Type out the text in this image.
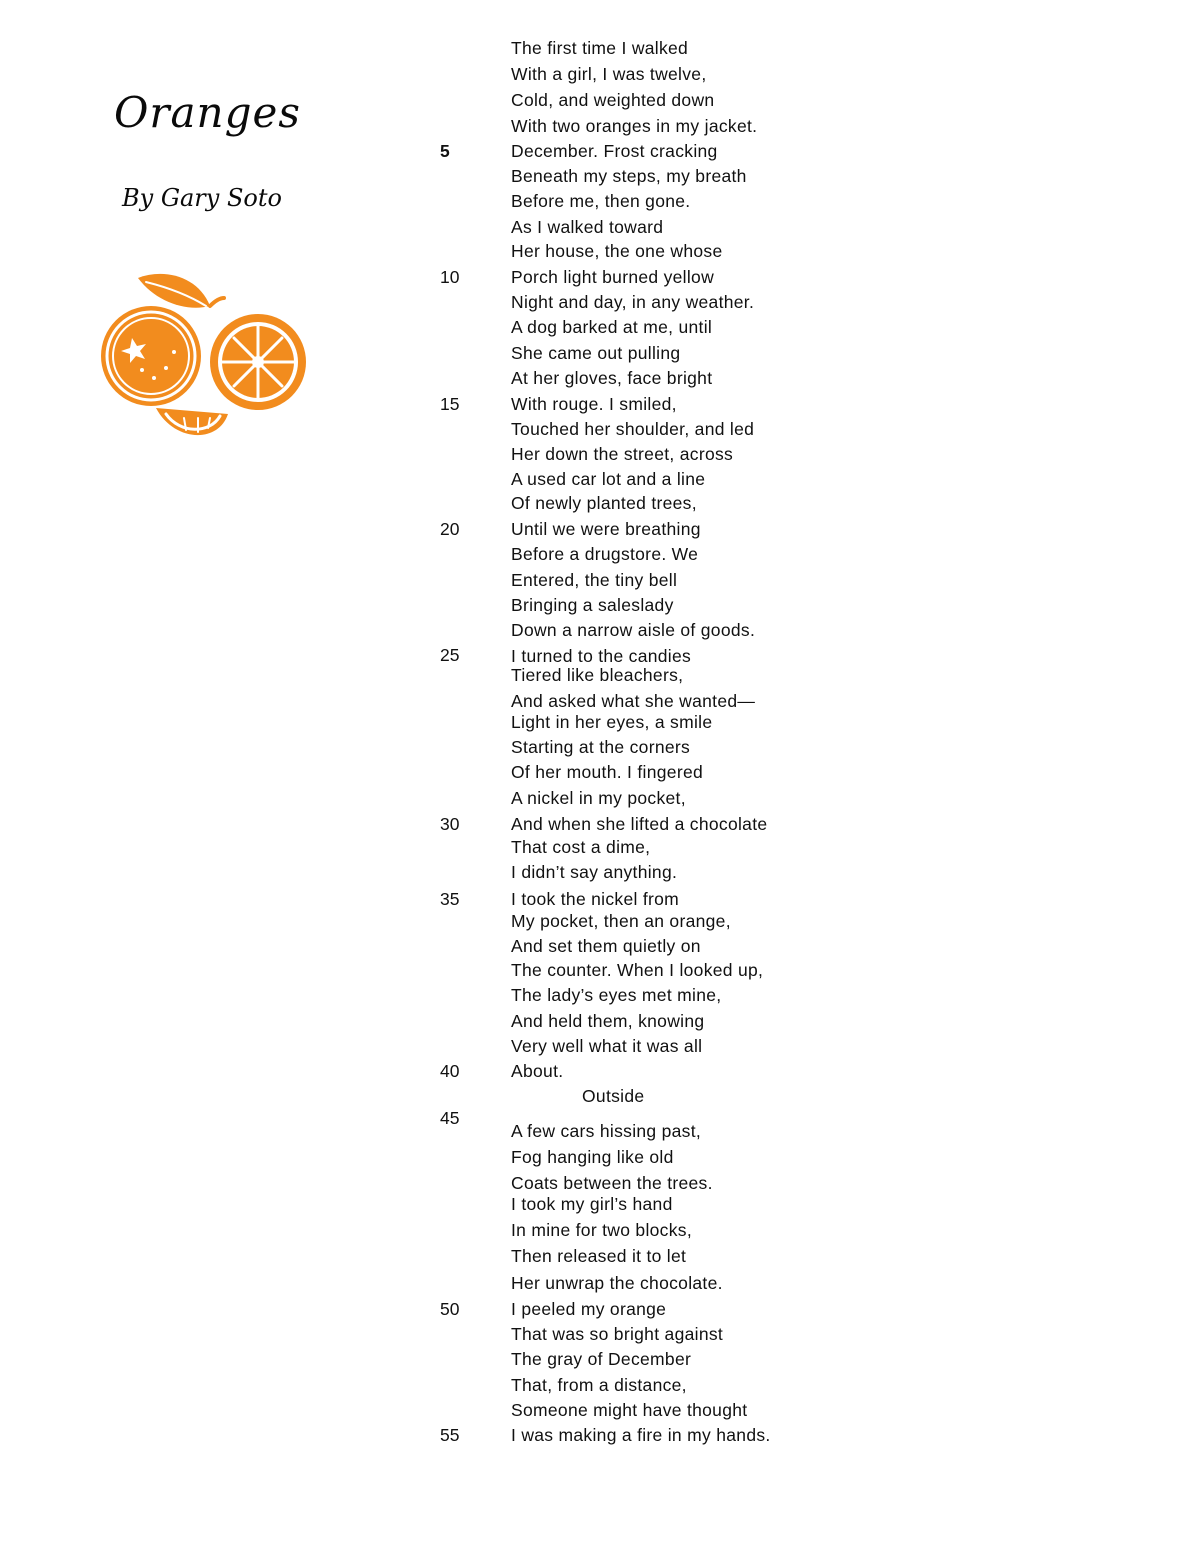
Oranges
By Gary Soto
The first time I walked
With a girl, I was twelve,
Cold, and weighted down
With two oranges in my jacket.
December. Frost cracking
Beneath my steps, my breath
Before me, then gone.
As I walked toward
Her house, the one whose
Porch light burned yellow
Night and day, in any weather.
A dog barked at me, until
She came out pulling
At her gloves, face bright
With rouge. I smiled,
Touched her shoulder, and led
Her down the street, across
A used car lot and a line
Of newly planted trees,
Until we were breathing
Before a drugstore. We
Entered, the tiny bell
Bringing a saleslady
Down a narrow aisle of goods.
I turned to the candies
Tiered like bleachers,
And asked what she wanted—
Light in her eyes, a smile
Starting at the corners
Of her mouth. I fingered
A nickel in my pocket,
And when she lifted a chocolate
That cost a dime,
I didn’t say anything.
I took the nickel from
My pocket, then an orange,
And set them quietly on
The counter. When I looked up,
The lady’s eyes met mine,
And held them, knowing
Very well what it was all
About.
Outside
A few cars hissing past,
Fog hanging like old
Coats between the trees.
I took my girl’s hand
In mine for two blocks,
Then released it to let
Her unwrap the chocolate.
I peeled my orange
That was so bright against
The gray of December
That, from a distance,
Someone might have thought
I was making a fire in my hands.
5
10
15
20
25
30
35
40
45
50
55
